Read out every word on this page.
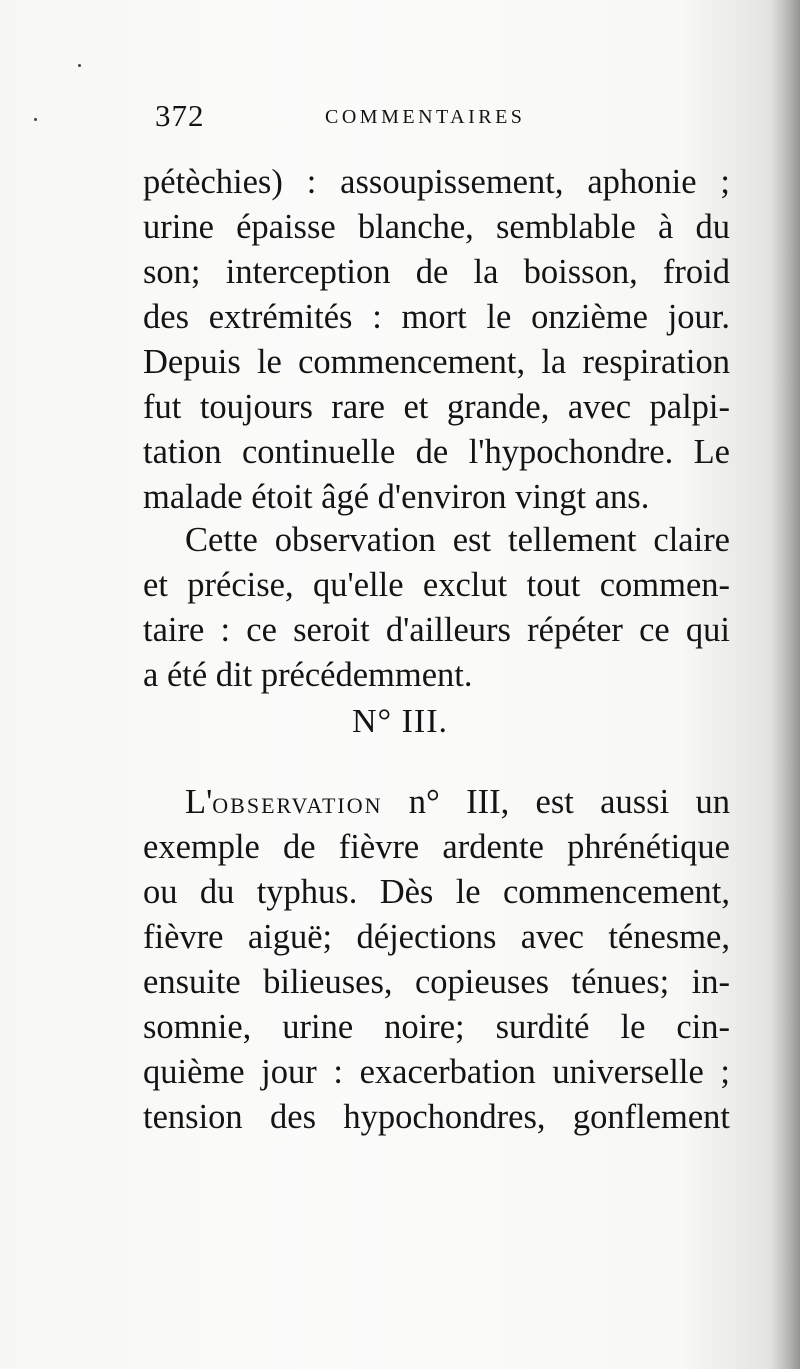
372	COMMENTAIRES
pétèchies) : assoupissement, aphonie ;
urine épaisse blanche, semblable à du
son; interception de la boisson, froid
des extrémités : mort le onzième jour.
Depuis le commencement, la respiration
fut toujours rare et grande, avec palpi-
tation continuelle de l'hypochondre. Le
malade étoit âgé d'environ vingt ans.
Cette observation est tellement claire
et précise, qu'elle exclut tout commen-
taire : ce seroit d'ailleurs répéter ce qui
a été dit précédemment.
N° III.
L'OBSERVATION n° III, est aussi un
exemple de fièvre ardente phrénétique
ou du typhus. Dès le commencement,
fièvre aiguë; déjections avec ténesme,
ensuite bilieuses, copieuses ténues; in-
somnie, urine noire; surdité le cin-
quième jour : exacerbation universelle ;
tension des hypochondres, gonflement
